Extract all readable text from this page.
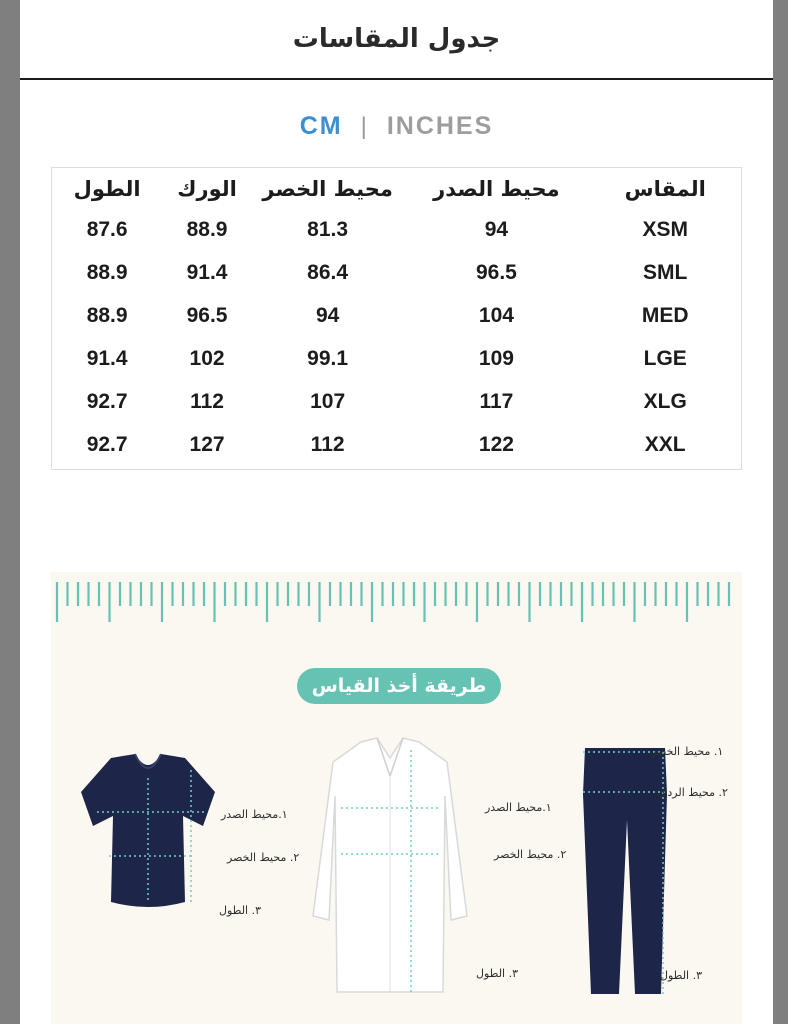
جدول المقاسات
CM | INCHES
المقاس	محيط الصدر	محيط الخصر	الورك	الطول
XSM	94	81.3	88.9	87.6
SML	96.5	86.4	91.4	88.9
MED	104	94	96.5	88.9
LGE	109	99.1	102	91.4
XLG	117	107	112	92.7
XXL	122	112	127	92.7
طريقة أخذ القياس
١.محيط الصدر
٢. محيط الخصر
٣. الطول
١.محيط الصدر
٢. محيط الخصر
٣. الطول
١. محيط الخصر
٢. محيط الردف
٣. الطول
